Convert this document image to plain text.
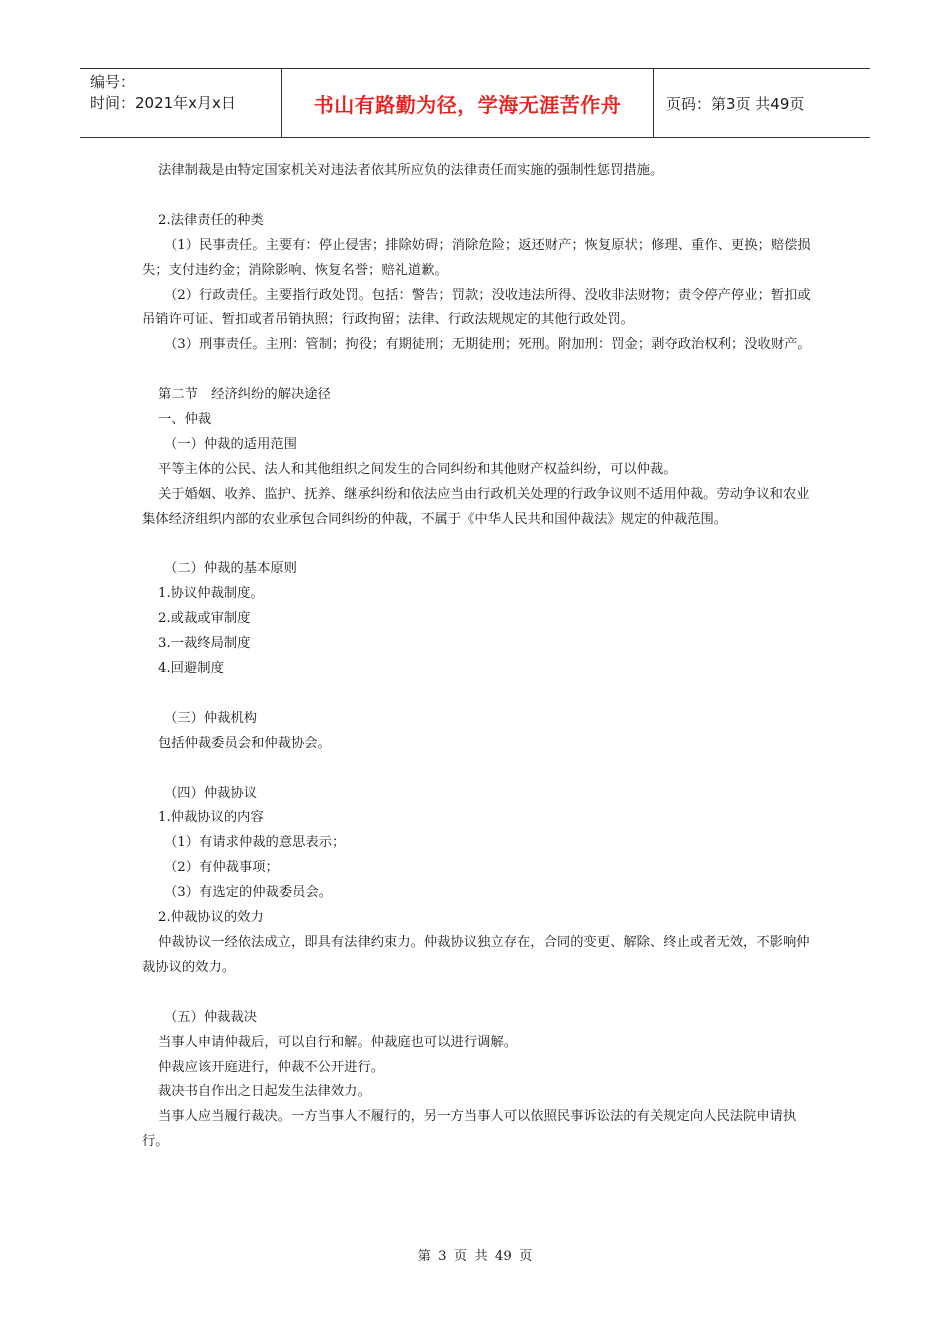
编号：
时间：2021年x月x日	书山有路勤为径，学海无涯苦作舟	页码：第3页 共49页

法律制裁是由特定国家机关对违法者依其所应负的法律责任而实施的强制性惩罚措施。

2.法律责任的种类

（1）民事责任。主要有：停止侵害；排除妨碍；消除危险；返还财产；恢复原状；修理、重作、更换；赔偿损失；支付违约金；消除影响、恢复名誉；赔礼道歉。

（2）行政责任。主要指行政处罚。包括：警告；罚款；没收违法所得、没收非法财物；责令停产停业；暂扣或吊销许可证、暂扣或者吊销执照；行政拘留；法律、行政法规规定的其他行政处罚。

（3）刑事责任。主刑：管制；拘役；有期徒刑；无期徒刑；死刑。附加刑：罚金；剥夺政治权利；没收财产。

第二节　经济纠纷的解决途径

一、仲裁

（一）仲裁的适用范围

平等主体的公民、法人和其他组织之间发生的合同纠纷和其他财产权益纠纷，可以仲裁。

关于婚姻、收养、监护、抚养、继承纠纷和依法应当由行政机关处理的行政争议则不适用仲裁。劳动争议和农业集体经济组织内部的农业承包合同纠纷的仲裁，不属于《中华人民共和国仲裁法》规定的仲裁范围。

（二）仲裁的基本原则

1.协议仲裁制度。

2.或裁或审制度

3.一裁终局制度

4.回避制度

（三）仲裁机构

包括仲裁委员会和仲裁协会。

（四）仲裁协议

1.仲裁协议的内容

（1）有请求仲裁的意思表示；

（2）有仲裁事项；

（3）有选定的仲裁委员会。

2.仲裁协议的效力

仲裁协议一经依法成立，即具有法律约束力。仲裁协议独立存在，合同的变更、解除、终止或者无效，不影响仲裁协议的效力。

（五）仲裁裁决

当事人申请仲裁后，可以自行和解。仲裁庭也可以进行调解。

仲裁应该开庭进行，仲裁不公开进行。

裁决书自作出之日起发生法律效力。

当事人应当履行裁决。一方当事人不履行的，另一方当事人可以依照民事诉讼法的有关规定向人民法院申请执行。

第 3 页 共 49 页
